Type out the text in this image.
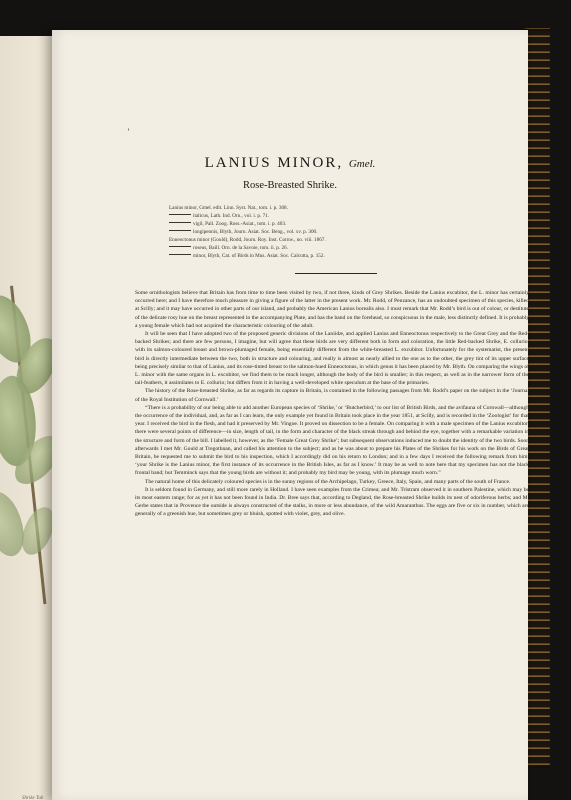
Shrike Tab
’
LANIUS MINOR, Gmel.
Rose-Breasted Shrike.
Lanius minor, Gmel. edit. Linn. Syst. Nat., tom. i. p. 308.
italicus, Lath. Ind. Orn., vol. i. p. 71.
vigil, Pall. Zoog. Ross.-Asiat., tom. i. p. 403.
longipennis, Blyth, Journ. Asiat. Soc. Beng., vol. xv. p. 300.
Enneoctonus minor (Gould), Rodd, Journ. Roy. Inst. Cornw., no. viii. 1867.
roseus, Baill. Orn. de la Savoie, tom. ii. p. 26.
minor, Blyth, Cat. of Birds in Mus. Asiat. Soc. Calcutta, p. 152.

Some ornithologists believe that Britain has from time to time been visited by two, if not three, kinds of Grey Shrikes. Beside the Lanius excubitor, the L. minor has certainly occurred here; and I have therefore much pleasure in giving a figure of the latter in the present work. Mr. Rodd, of Penzance, has an undoubted specimen of this species, killed at Scilly; and it may have occurred in other parts of our island, and probably the American Lanius borealis also. I must remark that Mr. Rodd’s bird is out of colour, or destitute of the delicate rosy hue on the breast represented in the accompanying Plate, and has the band on the forehead, so conspicuous in the male, less distinctly defined. It is probably a young female which had not acquired the characteristic colouring of the adult.

It will be seen that I have adopted two of the proposed generic divisions of the Laniidæ, and applied Lanius and Enneoctonus respectively to the Great Grey and the Red-backed Shrikes; and there are few persons, I imagine, but will agree that these birds are very different both in form and coloration, the little Red-backed Shrike, E. collurio, with its salmon-coloured breast and brown-plumaged female, being essentially different from the white-breasted L. excubitor. Unfortunately for the systematist, the present bird is directly intermediate between the two, both in structure and colouring, and really is almost as nearly allied to the one as to the other, the grey tint of its upper surface being precisely similar to that of Lanius, and its rose-tinted breast to the salmon-hued Enneoctonus, in which genus it has been placed by Mr. Blyth. On comparing the wings of L. minor with the same organs in L. excubitor, we find them to be much longer, although the body of the bird is smaller; in this respect, as well as in the narrower form of the tail-feathers, it assimilates to E. collurio; but differs from it in having a well-developed white speculum at the base of the primaries.

The history of the Rose-breasted Shrike, as far as regards its capture in Britain, is contained in the following passages from Mr. Rodd’s paper on the subject in the ‘Journal of the Royal Institution of Cornwall.’

“There is a probability of our being able to add another European species of ‘Shrike,’ or ‘Butcherbird,’ to our list of British Birds, and the avifauna of Cornwall—although the occurrence of the individual, and, as far as I can learn, the only example yet found in Britain took place in the year 1851, at Scilly, and is recorded in the ‘Zoologist’ for that year. I received the bird in the flesh, and had it preserved by Mr. Vingoe. It proved on dissection to be a female. On comparing it with a male specimen of the Lanius excubitor, there were several points of difference—in size, length of tail, in the form and character of the black streak through and behind the eye, together with a remarkable variation in the structure and form of the bill. I labelled it, however, as the ‘Female Great Grey Shrike’; but subsequent observations induced me to doubt the identity of the two birds. Soon afterwards I met Mr. Gould at Tregothnan, and called his attention to the subject; and as he was about to prepare his Plates of the Shrikes for his work on the Birds of Great Britain, he requested me to submit the bird to his inspection, which I accordingly did on his return to London; and in a few days I received the following remark from him: ‘your Shrike is the Lanius minor, the first instance of its occurrence in the British Isles, as far as I know.’ It may be as well to note here that my specimen has not the black frontal band; but Temminck says that the young birds are without it; and probably my bird may be young, with its plumage much worn.”

The natural home of this delicately coloured species is in the sunny regions of the Archipelago, Turkey, Greece, Italy, Spain, and many parts of the south of France.

It is seldom found in Germany, and still more rarely in Holland. I have seen examples from the Crimea; and Mr. Tristram observed it in southern Palestine, which may be its most eastern range; for as yet it has not been found in India. Dr. Bree says that, according to Degland, the Rose-breasted Shrike builds its nest of odoriferous herbs; and M. Gerbe states that in Provence the outside is always constructed of the stalks, in more or less abundance, of the wild Amaranthus. The eggs are five or six in number, which are generally of a greenish hue, but sometimes grey or bluish, spotted with violet, grey, and olive.
